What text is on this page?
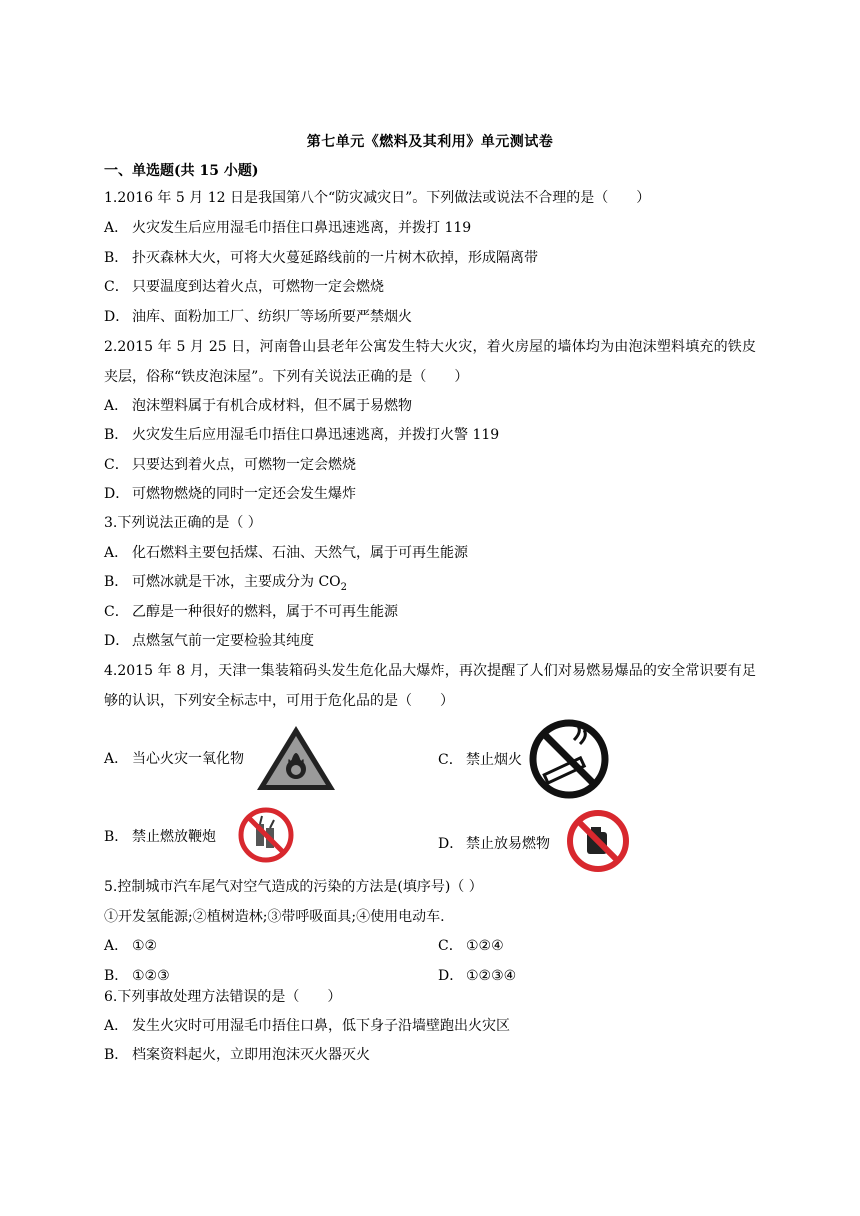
第七单元《燃料及其利用》单元测试卷
一、单选题(共 15 小题)
1.2016 年 5 月 12 日是我国第八个“防灾减灾日”。下列做法或说法不合理的是（　　）
A． 火灾发生后应用湿毛巾捂住口鼻迅速逃离，并拨打 119
B． 扑灭森林大火，可将大火蔓延路线前的一片树木砍掉，形成隔离带
C． 只要温度到达着火点，可燃物一定会燃烧
D． 油库、面粉加工厂、纺织厂等场所要严禁烟火
2.2015 年 5 月 25 日，河南鲁山县老年公寓发生特大火灾，着火房屋的墙体均为由泡沫塑料填充的铁皮夹层，俗称“铁皮泡沫屋”。下列有关说法正确的是（　　）
A． 泡沫塑料属于有机合成材料，但不属于易燃物
B． 火灾发生后应用湿毛巾捂住口鼻迅速逃离，并拨打火警 119
C． 只要达到着火点，可燃物一定会燃烧
D． 可燃物燃烧的同时一定还会发生爆炸
3.下列说法正确的是（ ）
A． 化石燃料主要包括煤、石油、天然气，属于可再生能源
B． 可燃冰就是干冰，主要成分为 $CO_2$
C． 乙醇是一种很好的燃料，属于不可再生能源
D． 点燃氢气前一定要检验其纯度
4.2015 年 8 月，天津一集装箱码头发生危化品大爆炸，再次提醒了人们对易燃易爆品的安全常识要有足够的认识，下列安全标志中，可用于危化品的是（　　）
A． 当心火灾一氧化物	C． 禁止烟火
B． 禁止燃放鞭炮	D． 禁止放易燃物
5.控制城市汽车尾气对空气造成的污染的方法是(填序号)（ ）
①开发氢能源;②植树造林;③带呼吸面具;④使用电动车.
A． ①②	C． ①②④
B． ①②③	D． ①②③④
6.下列事故处理方法错误的是（　　）
A． 发生火灾时可用湿毛巾捂住口鼻，低下身子沿墙壁跑出火灾区
B． 档案资料起火，立即用泡沫灭火器灭火
